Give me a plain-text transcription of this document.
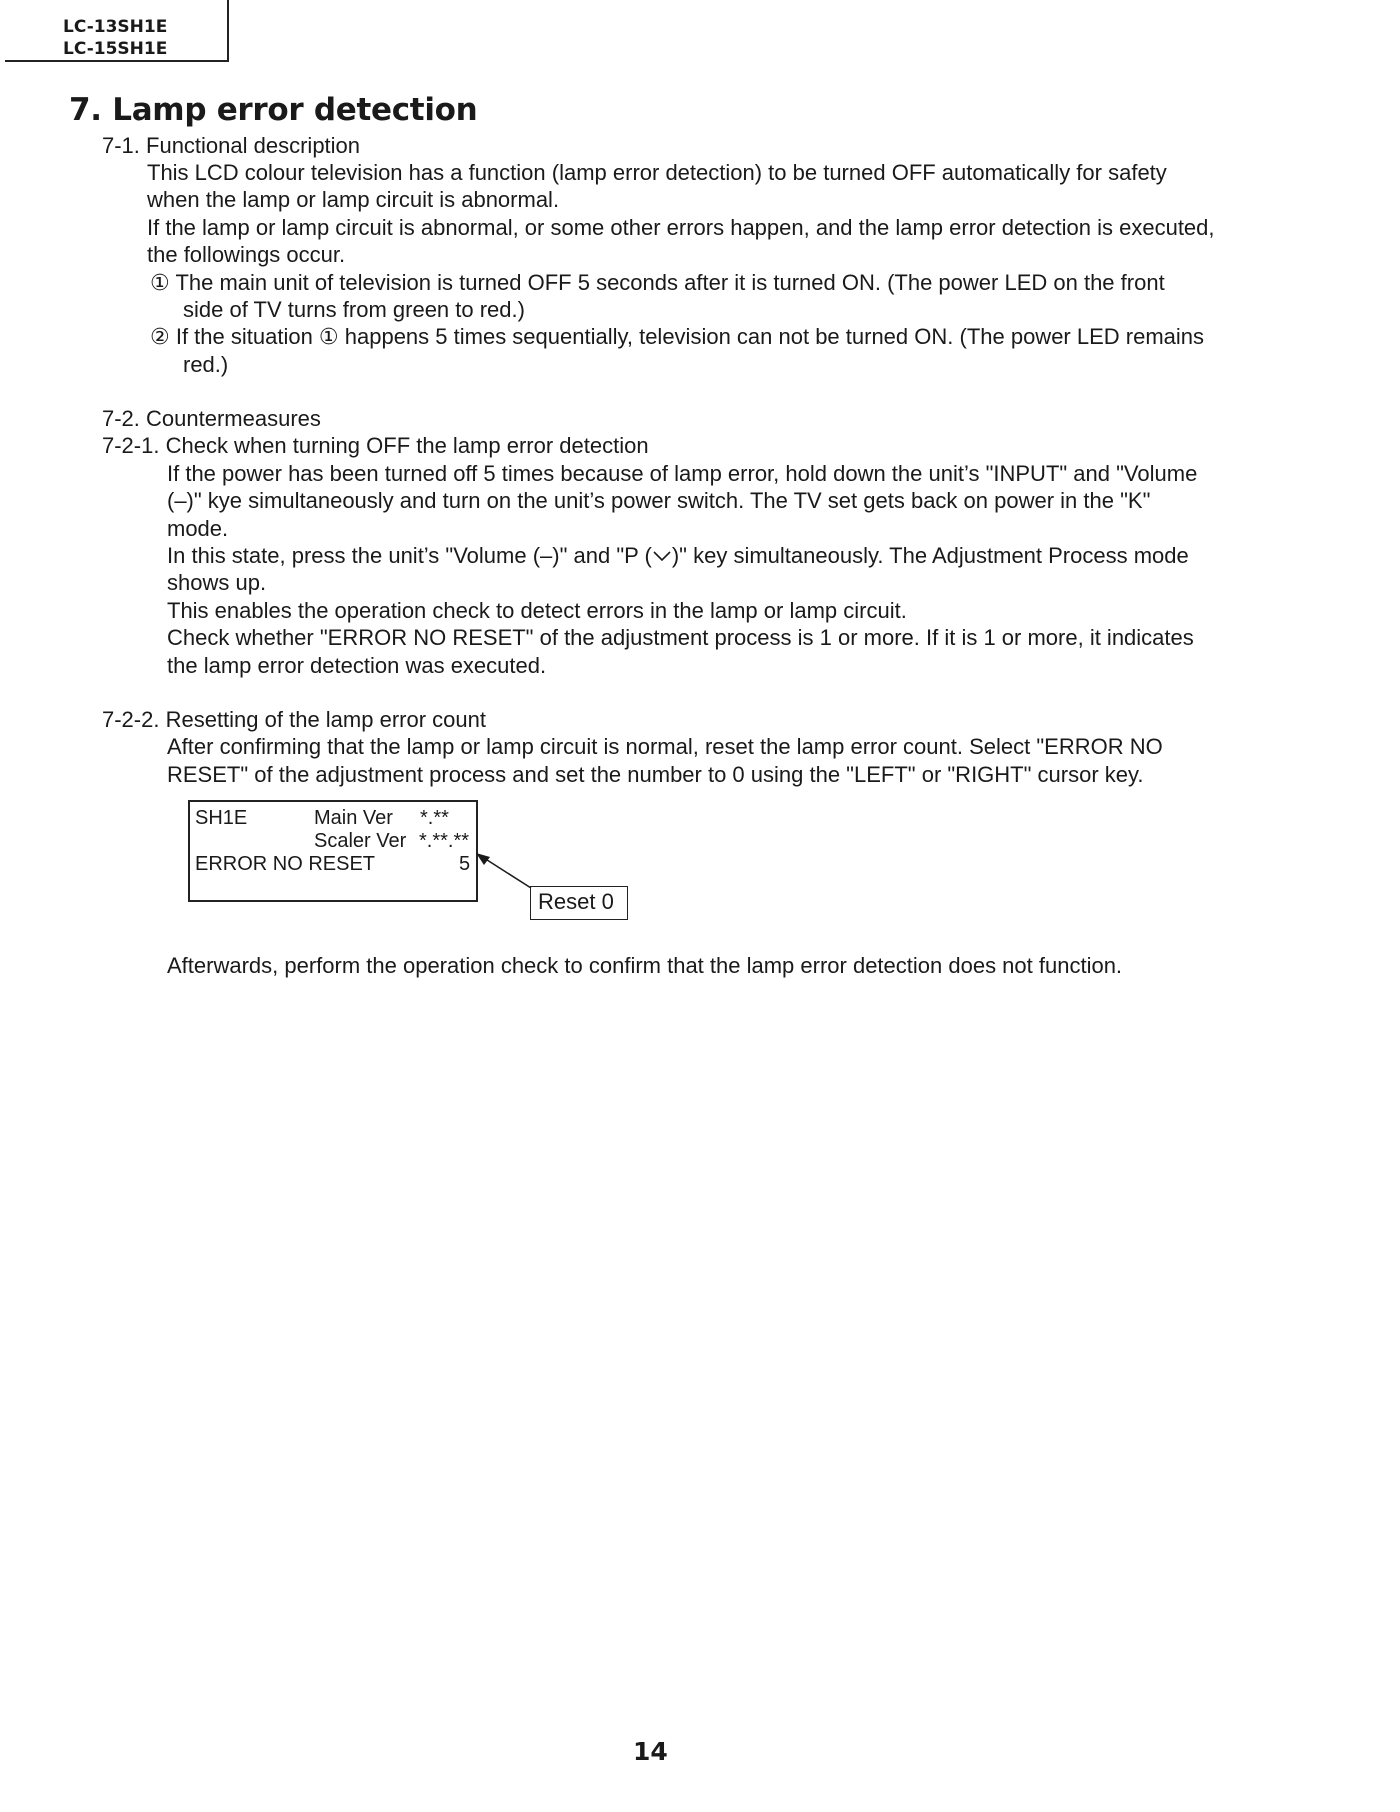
LC-13SH1E
LC-15SH1E
7. Lamp error detection
7-1. Functional description
This LCD colour television has a function (lamp error detection) to be turned OFF automatically for safety
when the lamp or lamp circuit is abnormal.
If the lamp or lamp circuit is abnormal, or some other errors happen, and the lamp error detection is executed,
the followings occur.
① The main unit of television is turned OFF 5 seconds after it is turned ON. (The power LED on the front
side of TV turns from green to red.)
② If the situation ① happens 5 times sequentially, television can not be turned ON. (The power LED remains
red.)
7-2. Countermeasures
7-2-1. Check when turning OFF the lamp error detection
If the power has been turned off 5 times because of lamp error, hold down the unit’s "INPUT" and "Volume
(–)" kye simultaneously and turn on the unit’s power switch. The TV set gets back on power in the "K"
mode.
In this state, press the unit’s "Volume (–)" and "P ( )" key simultaneously. The Adjustment Process mode
shows up.
This enables the operation check to detect errors in the lamp or lamp circuit.
Check whether "ERROR NO RESET" of the adjustment process is 1 or more. If it is 1 or more, it indicates
the lamp error detection was executed.
7-2-2. Resetting of the lamp error count
After confirming that the lamp or lamp circuit is normal, reset the lamp error count. Select "ERROR NO
RESET" of the adjustment process and set the number to 0 using the "LEFT" or "RIGHT" cursor key.
SH1E	Main Ver *.**
Scaler Ver *.**.**
ERROR NO RESET	5
Reset 0
Afterwards, perform the operation check to confirm that the lamp error detection does not function.
14
